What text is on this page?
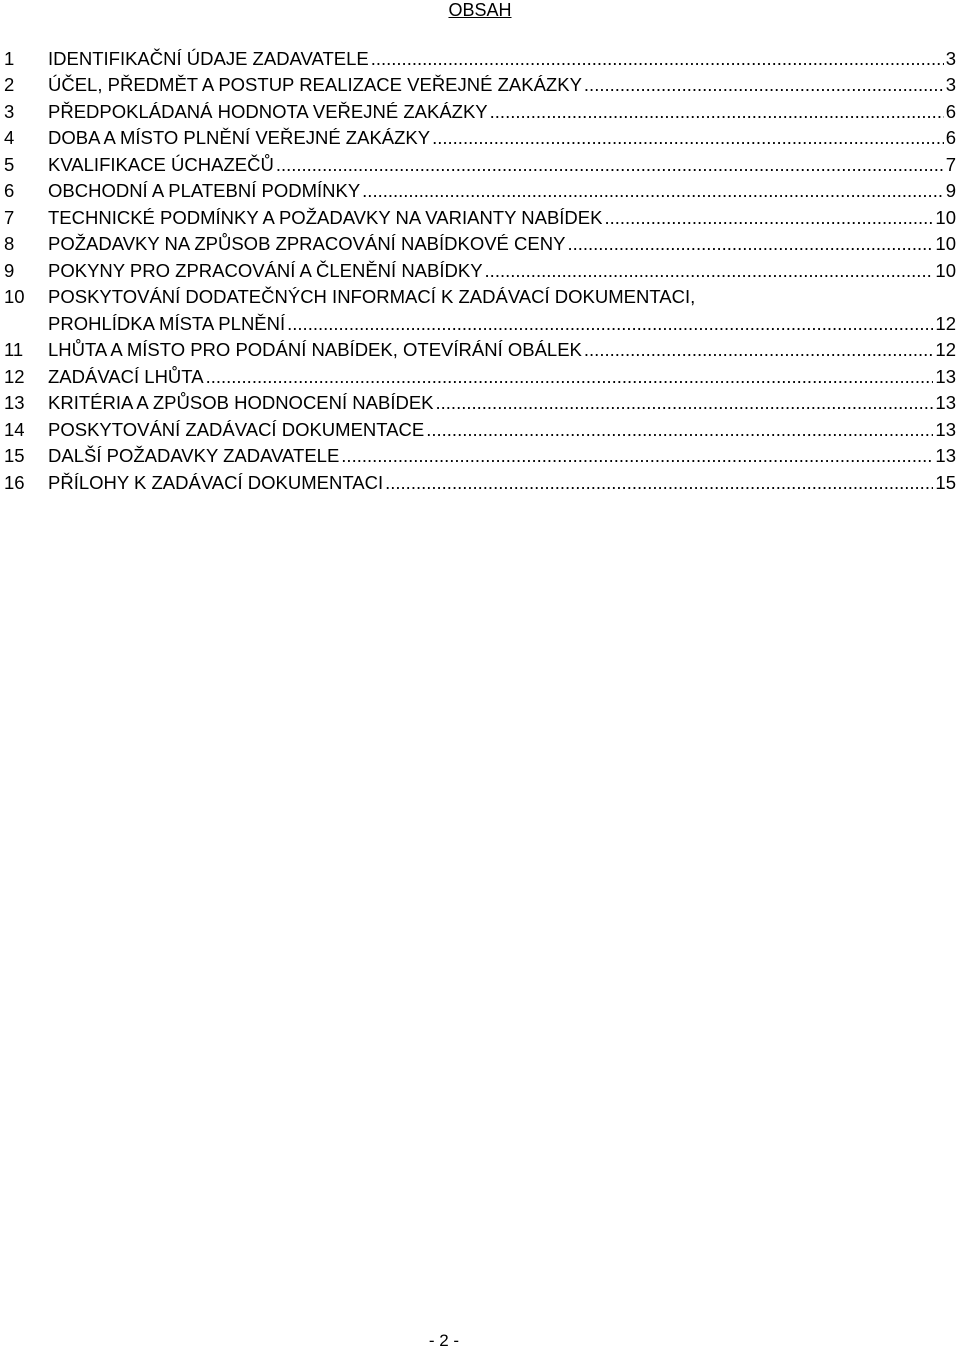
OBSAH
1	IDENTIFIKAČNÍ ÚDAJE ZADAVATELE .....	3
2	ÚČEL, PŘEDMĚT A POSTUP REALIZACE VEŘEJNÉ ZAKÁZKY .....	3
3	PŘEDPOKLÁDANÁ HODNOTA VEŘEJNÉ ZAKÁZKY .....	6
4	DOBA A MÍSTO PLNĚNÍ VEŘEJNÉ ZAKÁZKY .....	6
5	KVALIFIKACE ÚCHAZEČŮ .....	7
6	OBCHODNÍ A PLATEBNÍ PODMÍNKY .....	9
7	TECHNICKÉ PODMÍNKY A POŽADAVKY NA VARIANTY NABÍDEK .....	10
8	POŽADAVKY NA ZPŮSOB ZPRACOVÁNÍ NABÍDKOVÉ CENY .....	10
9	POKYNY PRO ZPRACOVÁNÍ A ČLENĚNÍ NABÍDKY .....	10
10	POSKYTOVÁNÍ DODATEČNÝCH INFORMACÍ K ZADÁVACÍ DOKUMENTACI,
PROHLÍDKA MÍSTA PLNĚNÍ .....	12
11	LHŮTA A MÍSTO PRO PODÁNÍ NABÍDEK, OTEVÍRÁNÍ OBÁLEK .....	12
12	ZADÁVACÍ LHŮTA .....	13
13	KRITÉRIA A ZPŮSOB HODNOCENÍ NABÍDEK .....	13
14	POSKYTOVÁNÍ ZADÁVACÍ DOKUMENTACE .....	13
15	DALŠÍ POŽADAVKY ZADAVATELE .....	13
16	PŘÍLOHY K ZADÁVACÍ DOKUMENTACI .....	15
- 2 -
